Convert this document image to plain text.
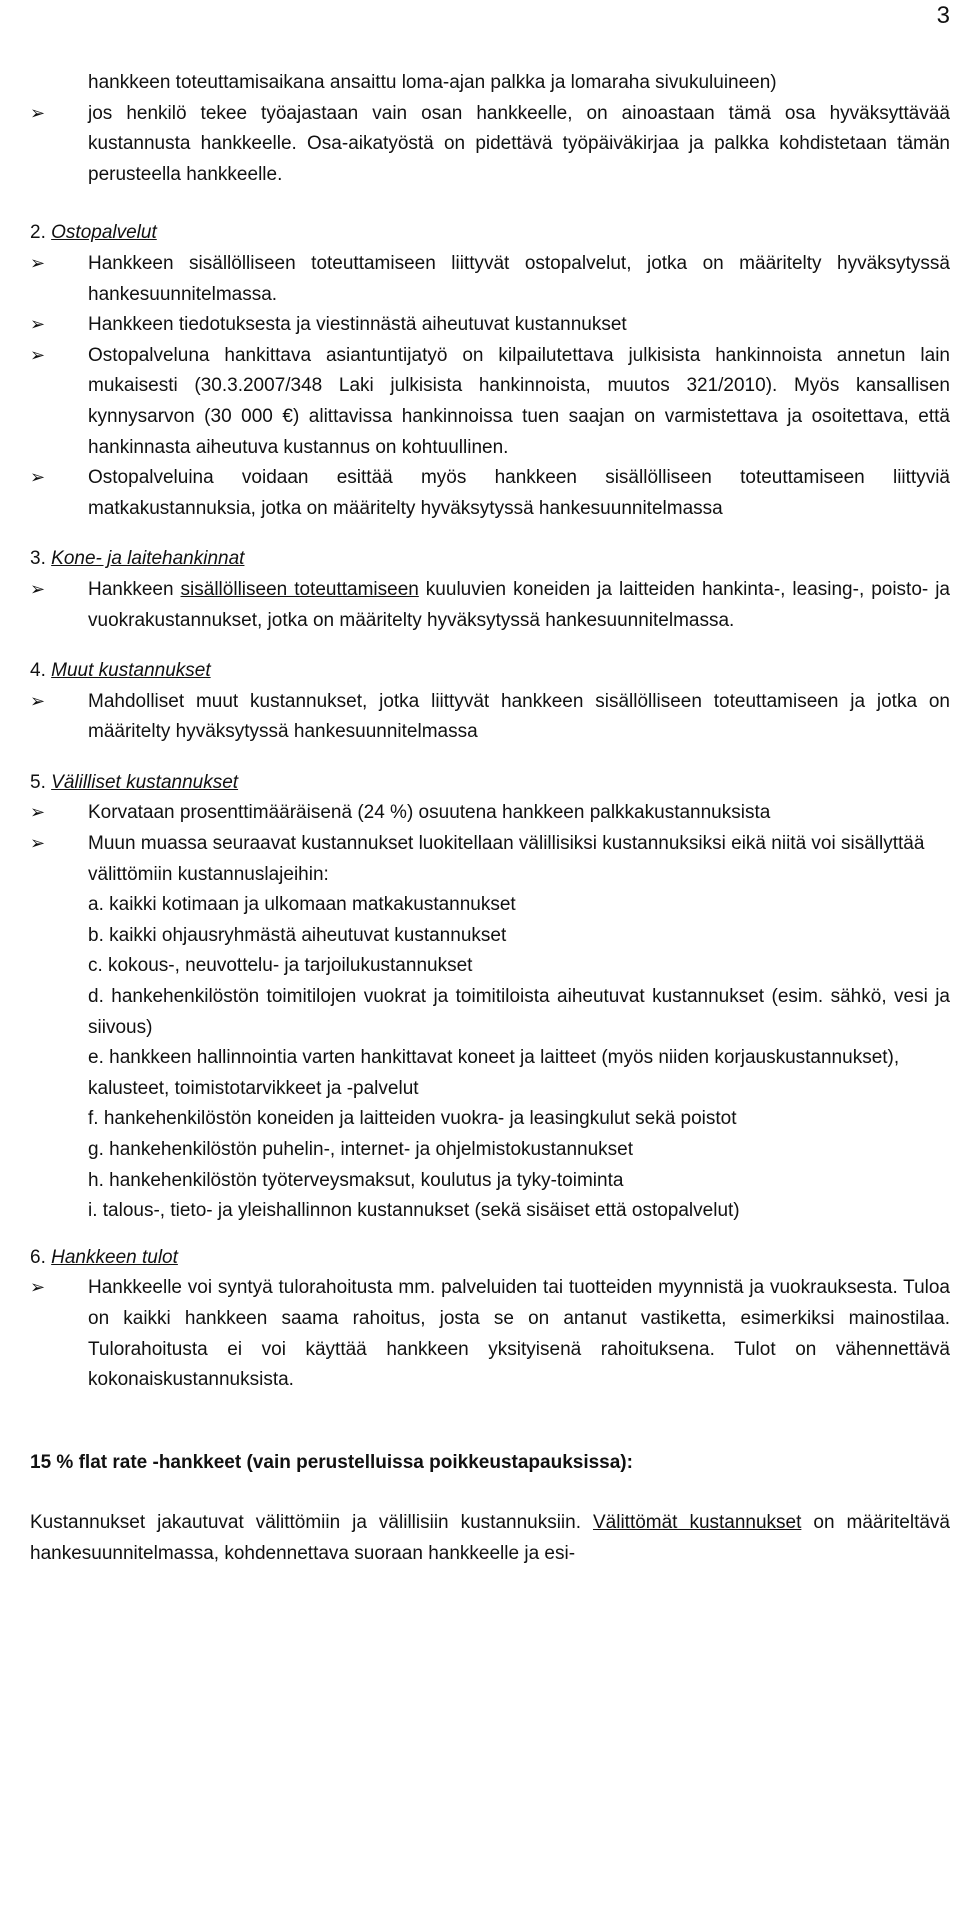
3
hankkeen toteuttamisaikana ansaittu loma-ajan palkka ja lomaraha sivukuluineen)
➢ jos henkilö tekee työajastaan vain osan hankkeelle, on ainoastaan tämä osa hyväksyttävää kustannusta hankkeelle. Osa-aikatyöstä on pidettävä työpäiväkirjaa ja palkka kohdistetaan tämän perusteella hankkeelle.
2. Ostopalvelut
➢ Hankkeen sisällölliseen toteuttamiseen liittyvät ostopalvelut, jotka on määritelty hyväksytyssä hankesuunnitelmassa.
➢ Hankkeen tiedotuksesta ja viestinnästä aiheutuvat kustannukset
➢ Ostopalveluna hankittava asiantuntijatyö on kilpailutettava julkisista hankinnoista annetun lain mukaisesti (30.3.2007/348 Laki julkisista hankinnoista, muutos 321/2010). Myös kansallisen kynnysarvon (30 000 €) alittavissa hankinnoissa tuen saajan on varmistettava ja osoitettava, että hankinnasta aiheutuva kustannus on kohtuullinen.
➢ Ostopalveluina voidaan esittää myös hankkeen sisällölliseen toteuttamiseen liittyviä matkakustannuksia, jotka on määritelty hyväksytyssä hankesuunnitelmassa
3. Kone- ja laitehankinnat
➢ Hankkeen sisällölliseen toteuttamiseen kuuluvien koneiden ja laitteiden hankinta-, leasing-, poisto- ja vuokrakustannukset, jotka on määritelty hyväksytyssä hankesuunnitelmassa.
4. Muut kustannukset
➢ Mahdolliset muut kustannukset, jotka liittyvät hankkeen sisällölliseen toteuttamiseen ja jotka on määritelty hyväksytyssä hankesuunnitelmassa
5. Välilliset kustannukset
➢ Korvataan prosenttimääräisenä (24 %) osuutena hankkeen palkkakustannuksista
➢ Muun muassa seuraavat kustannukset luokitellaan välillisiksi kustannuksiksi eikä niitä voi sisällyttää
välittömiin kustannuslajeihin:
a. kaikki kotimaan ja ulkomaan matkakustannukset
b. kaikki ohjausryhmästä aiheutuvat kustannukset
c. kokous-, neuvottelu- ja tarjoilukustannukset
d. hankehenkilöstön toimitilojen vuokrat ja toimitiloista aiheutuvat kustannukset (esim. sähkö, vesi ja siivous)
e. hankkeen hallinnointia varten hankittavat koneet ja laitteet (myös niiden korjauskustannukset),
kalusteet, toimistotarvikkeet ja -palvelut
f. hankehenkilöstön koneiden ja laitteiden vuokra- ja leasingkulut sekä poistot
g. hankehenkilöstön puhelin-, internet- ja ohjelmistokustannukset
h. hankehenkilöstön työterveysmaksut, koulutus ja tyky-toiminta
i. talous-, tieto- ja yleishallinnon kustannukset (sekä sisäiset että ostopalvelut)
6. Hankkeen tulot
➢ Hankkeelle voi syntyä tulorahoitusta mm. palveluiden tai tuotteiden myynnistä ja vuokrauksesta. Tuloa on kaikki hankkeen saama rahoitus, josta se on antanut vastiketta, esimerkiksi mainostilaa. Tulorahoitusta ei voi käyttää hankkeen yksityisenä rahoituksena. Tulot on vähennettävä kokonaiskustannuksista.
15 % flat rate -hankkeet (vain perustelluissa poikkeustapauksissa):
Kustannukset jakautuvat välittömiin ja välillisiin kustannuksiin. Välittömät kustannukset on määriteltävä hankesuunnitelmassa, kohdennettava suoraan hankkeelle ja esi-
